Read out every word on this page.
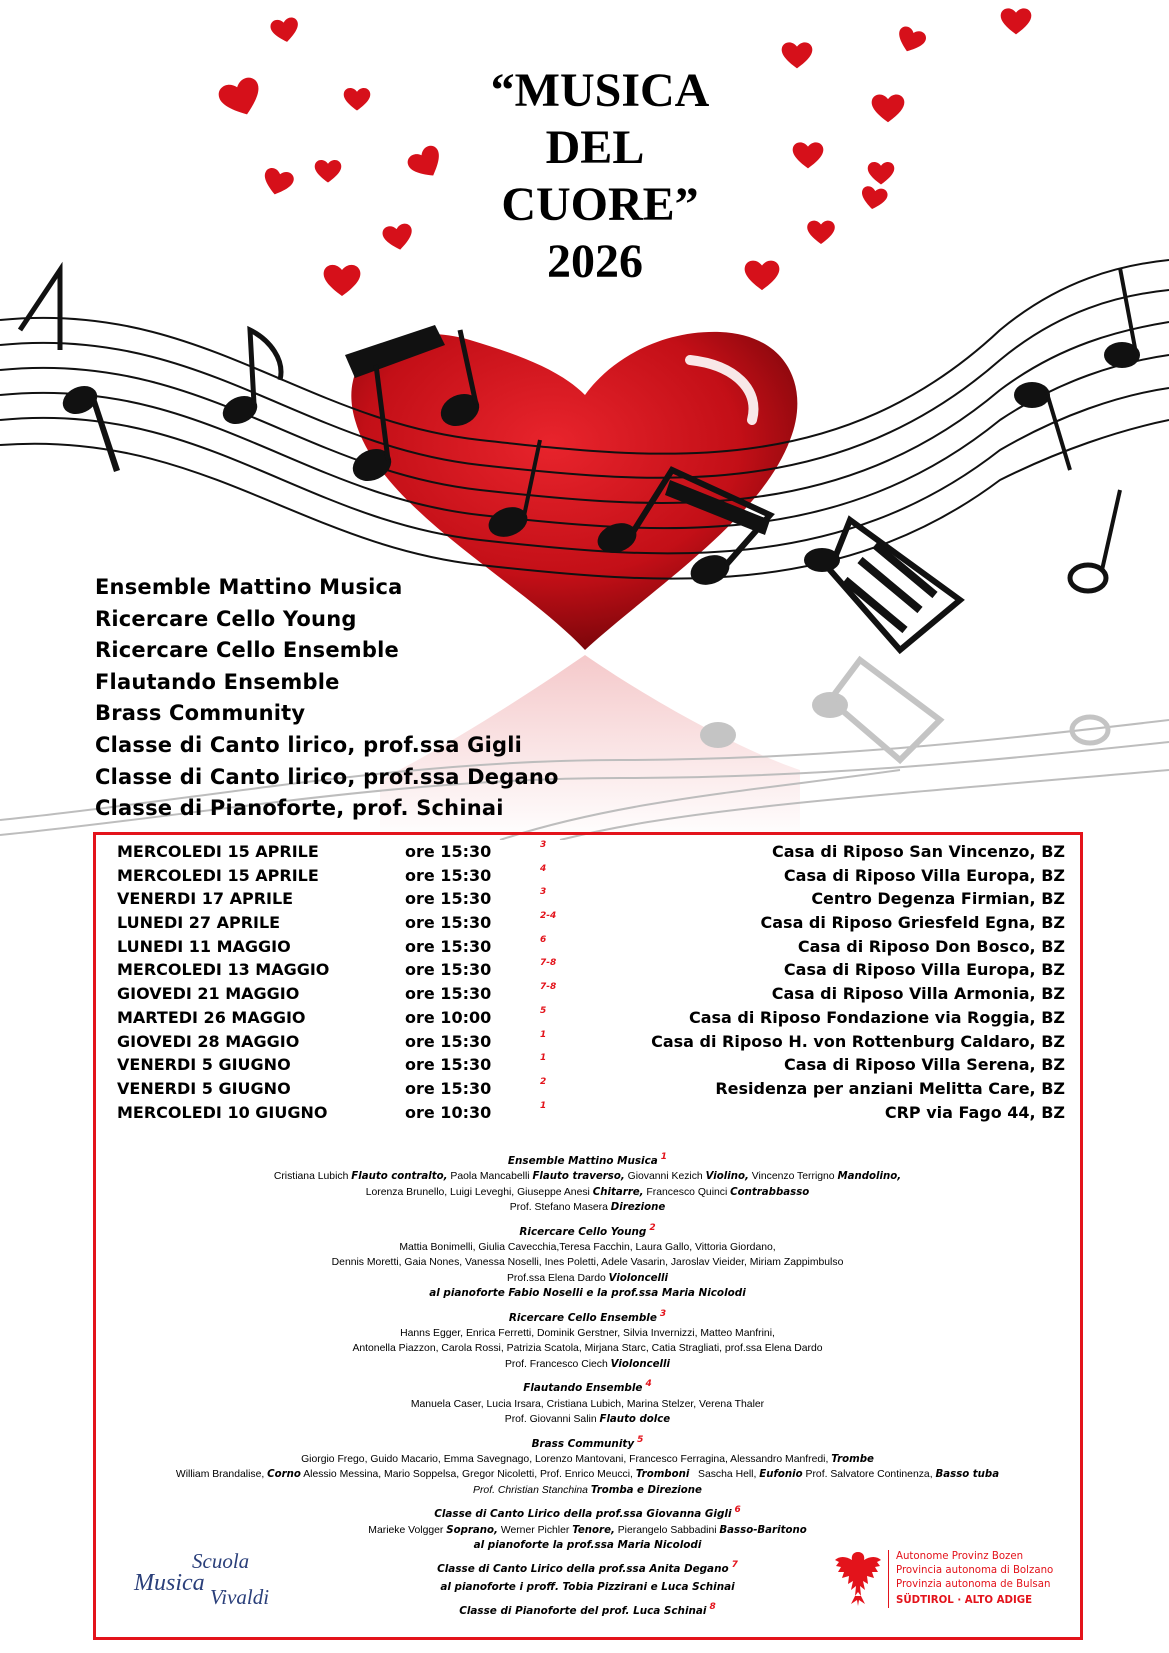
“MUSICA
DEL
CUORE”
2026
Ensemble Mattino Musica
Ricercare Cello Young
Ricercare Cello Ensemble
Flautando Ensemble
Brass Community
Classe di Canto lirico, prof.ssa Gigli
Classe di Canto lirico, prof.ssa Degano
Classe di Pianoforte, prof. Schinai
MERCOLEDI 15 APRILE	ore 15:30	3	Casa di Riposo San Vincenzo, BZ
MERCOLEDI 15 APRILE	ore 15:30	4	Casa di Riposo Villa Europa, BZ
VENERDI 17 APRILE	ore 15:30	3	Centro Degenza Firmian, BZ
LUNEDI 27 APRILE	ore 15:30	2-4	Casa di Riposo Griesfeld Egna, BZ
LUNEDI 11 MAGGIO	ore 15:30	6	Casa di Riposo Don Bosco, BZ
MERCOLEDI 13 MAGGIO	ore 15:30	7-8	Casa di Riposo Villa Europa, BZ
GIOVEDI 21 MAGGIO	ore 15:30	7-8	Casa di Riposo Villa Armonia, BZ
MARTEDI 26 MAGGIO	ore 10:00	5	Casa di Riposo Fondazione via Roggia, BZ
GIOVEDI 28 MAGGIO	ore 15:30	1	Casa di Riposo H. von Rottenburg Caldaro, BZ
VENERDI 5 GIUGNO	ore 15:30	1	Casa di Riposo Villa Serena, BZ
VENERDI 5 GIUGNO	ore 15:30	2	Residenza per anziani Melitta Care, BZ
MERCOLEDI 10 GIUGNO	ore 10:30	1	CRP via Fago 44, BZ
Ensemble Mattino Musica 1
Cristiana Lubich Flauto contralto, Paola Mancabelli Flauto traverso, Giovanni Kezich Violino, Vincenzo Terrigno Mandolino,
Lorenza Brunello, Luigi Leveghi, Giuseppe Anesi Chitarre, Francesco Quinci Contrabbasso
Prof. Stefano Masera Direzione
Ricercare Cello Young 2
Mattia Bonimelli, Giulia Cavecchia,Teresa Facchin, Laura Gallo, Vittoria Giordano,
Dennis Moretti, Gaia Nones, Vanessa Noselli, Ines Poletti, Adele Vasarin, Jaroslav Vieider, Miriam Zappimbulso
Prof.ssa Elena Dardo Violoncelli
al pianoforte Fabio Noselli e la prof.ssa Maria Nicolodi
Ricercare Cello Ensemble 3
Hanns Egger, Enrica Ferretti, Dominik Gerstner, Silvia Invernizzi, Matteo Manfrini,
Antonella Piazzon, Carola Rossi, Patrizia Scatola, Mirjana Starc, Catia Stragliati, prof.ssa Elena Dardo
Prof. Francesco Ciech Violoncelli
Flautando Ensemble 4
Manuela Caser, Lucia Irsara, Cristiana Lubich, Marina Stelzer, Verena Thaler
Prof. Giovanni Salin Flauto dolce
Brass Community 5
Giorgio Frego, Guido Macario, Emma Savegnago, Lorenzo Mantovani, Francesco Ferragina, Alessandro Manfredi, Trombe
William Brandalise, Corno Alessio Messina, Mario Soppelsa, Gregor Nicoletti, Prof. Enrico Meucci, Tromboni   Sascha Hell, Eufonio Prof. Salvatore Continenza, Basso tuba
Prof. Christian Stanchina Tromba e Direzione
Classe di Canto Lirico della prof.ssa Giovanna Gigli 6
Marieke Volgger Soprano, Werner Pichler Tenore, Pierangelo Sabbadini Basso-Baritono
al pianoforte la prof.ssa Maria Nicolodi
Classe di Canto Lirico della prof.ssa Anita Degano 7
al pianoforte i proff. Tobia Pizzirani e Luca Schinai
Classe di Pianoforte del prof. Luca Schinai 8
Scuola
Musica
Vivaldi
Autonome Provinz Bozen
Provincia autonoma di Bolzano
Provinzia autonoma de Bulsan
SÜDTIROL · ALTO ADIGE
